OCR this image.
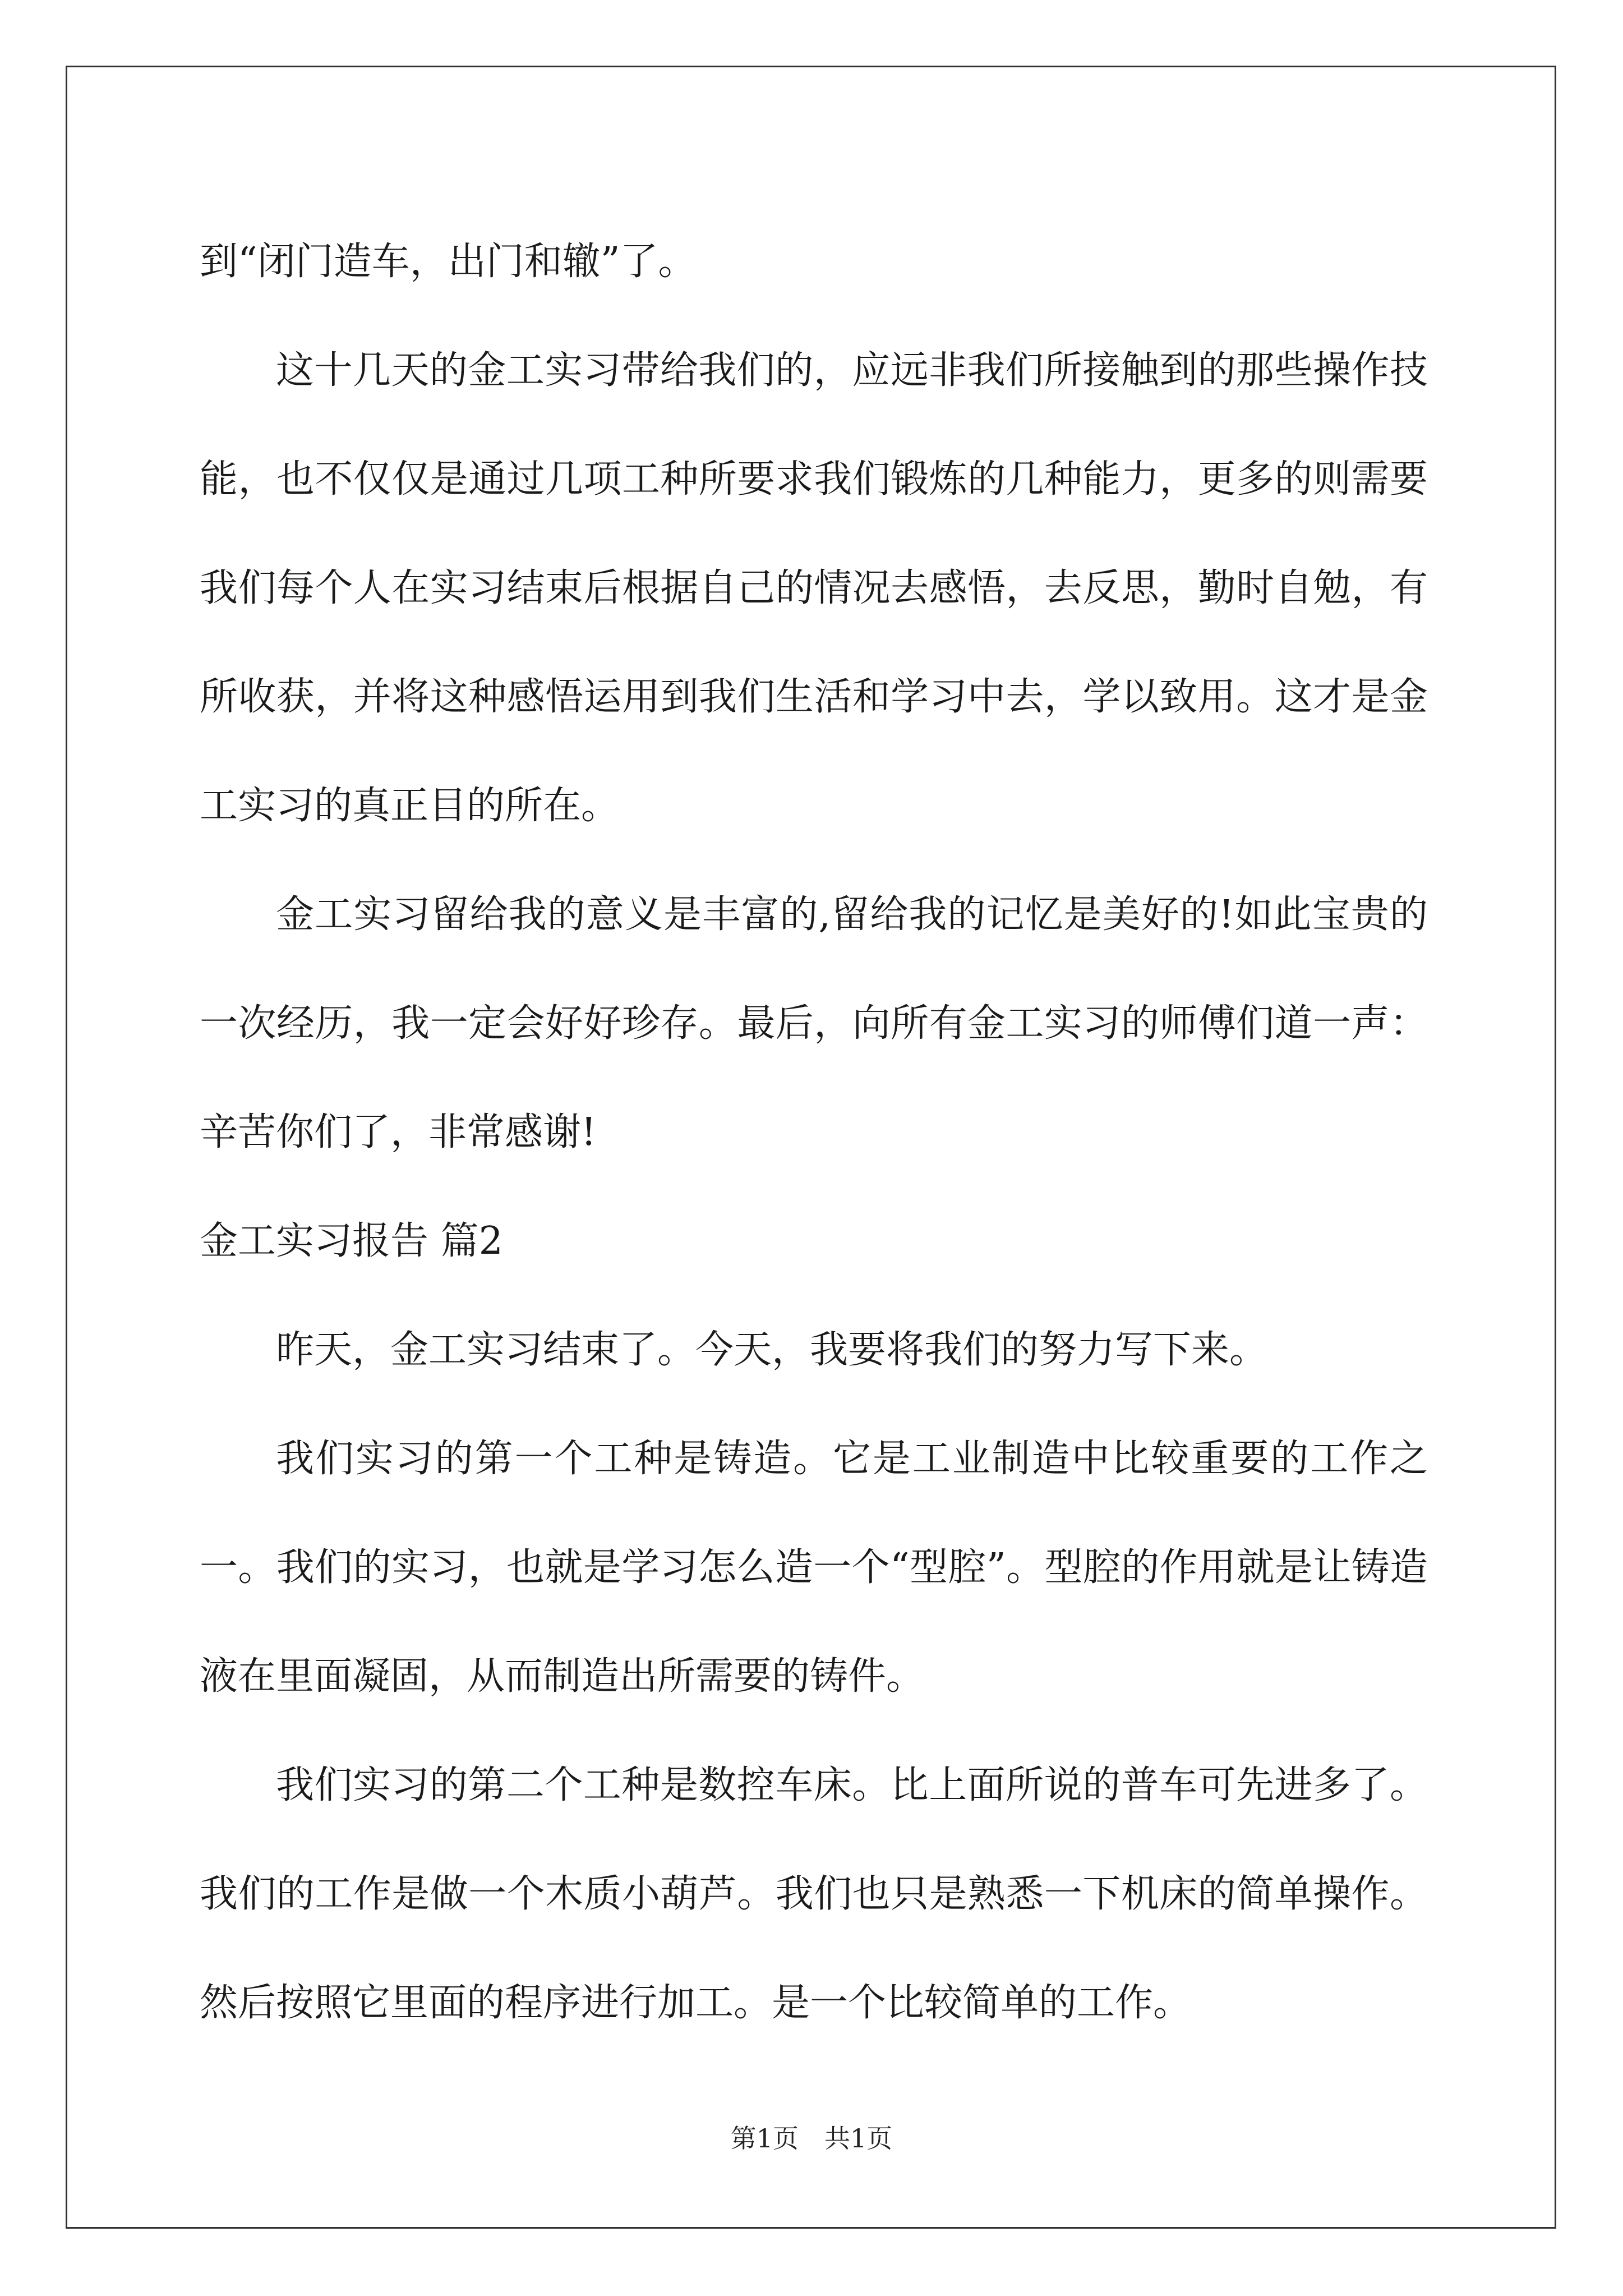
到“闭门造车，出门和辙”了。

这十几天的金工实习带给我们的，应远非我们所接触到的那些操作技能，也不仅仅是通过几项工种所要求我们锻炼的几种能力，更多的则需要我们每个人在实习结束后根据自己的情况去感悟，去反思，勤时自勉，有所收获，并将这种感悟运用到我们生活和学习中去，学以致用。这才是金工实习的真正目的所在。

金工实习留给我的意义是丰富的,留给我的记忆是美好的!如此宝贵的一次经历，我一定会好好珍存。最后，向所有金工实习的师傅们道一声：辛苦你们了，非常感谢!

金工实习报告 篇2

昨天，金工实习结束了。今天，我要将我们的努力写下来。

我们实习的第一个工种是铸造。它是工业制造中比较重要的工作之一。我们的实习，也就是学习怎么造一个“型腔”。型腔的作用就是让铸造液在里面凝固，从而制造出所需要的铸件。

我们实习的第二个工种是数控车床。比上面所说的普车可先进多了。我们的工作是做一个木质小葫芦。我们也只是熟悉一下机床的简单操作。然后按照它里面的程序进行加工。是一个比较简单的工作。

第1页　共1页
